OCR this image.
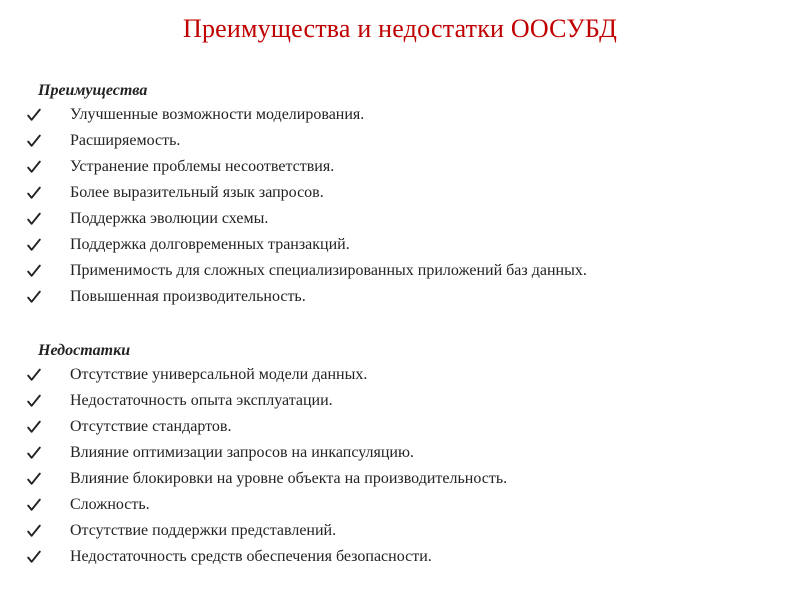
Преимущества и недостатки ООСУБД
Преимущества
Улучшенные возможности моделирования.
Расширяемость.
Устранение проблемы несоответствия.
Более выразительный язык запросов.
Поддержка эволюции схемы.
Поддержка долговременных транзакций.
Применимость для сложных специализированных приложений баз данных.
Повышенная производительность.
Недостатки
Отсутствие универсальной модели данных.
Недостаточность опыта эксплуатации.
Отсутствие стандартов.
Влияние оптимизации запросов на инкапсуляцию.
Влияние блокировки на уровне объекта на производительность.
Сложность.
Отсутствие поддержки представлений.
Недостаточность средств обеспечения безопасности.
